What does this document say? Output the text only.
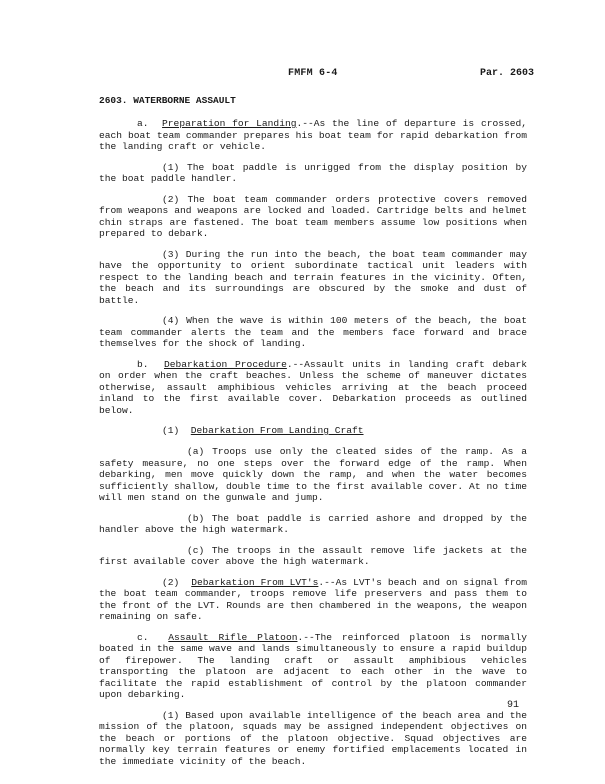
FMFM 6-4	Par. 2603
2603. WATERBORNE ASSAULT

a. Preparation for Landing.--As the line of departure is crossed, each boat team commander prepares his boat team for rapid debarkation from the landing craft or vehicle.

(1) The boat paddle is unrigged from the display position by the boat paddle handler.

(2) The boat team commander orders protective covers removed from weapons and weapons are locked and loaded. Cartridge belts and helmet chin straps are fastened. The boat team members assume low positions when prepared to debark.

(3) During the run into the beach, the boat team commander may have the opportunity to orient subordinate tactical unit leaders with respect to the landing beach and terrain features in the vicinity. Often, the beach and its surroundings are obscured by the smoke and dust of battle.

(4) When the wave is within 100 meters of the beach, the boat team commander alerts the team and the members face forward and brace themselves for the shock of landing.

b. Debarkation Procedure.--Assault units in landing craft debark on order when the craft beaches. Unless the scheme of maneuver dictates otherwise, assault amphibious vehicles arriving at the beach proceed inland to the first available cover. Debarkation proceeds as outlined below.

(1) Debarkation From Landing Craft

(a) Troops use only the cleated sides of the ramp. As a safety measure, no one steps over the forward edge of the ramp. When debarking, men move quickly down the ramp, and when the water becomes sufficiently shallow, double time to the first available cover. At no time will men stand on the gunwale and jump.

(b) The boat paddle is carried ashore and dropped by the handler above the high watermark.

(c) The troops in the assault remove life jackets at the first available cover above the high watermark.

(2) Debarkation From LVT's.--As LVT's beach and on signal from the boat team commander, troops remove life preservers and pass them to the front of the LVT. Rounds are then chambered in the weapons, the weapon remaining on safe.

c. Assault Rifle Platoon.--The reinforced platoon is normally boated in the same wave and lands simultaneously to ensure a rapid buildup of firepower. The landing craft or assault amphibious vehicles transporting the platoon are adjacent to each other in the wave to facilitate the rapid establishment of control by the platoon commander upon debarking.

(1) Based upon available intelligence of the beach area and the mission of the platoon, squads may be assigned independent objectives on the beach or portions of the platoon objective. Squad objectives are normally key terrain features or enemy fortified emplacements located in the immediate vicinity of the beach.

91
